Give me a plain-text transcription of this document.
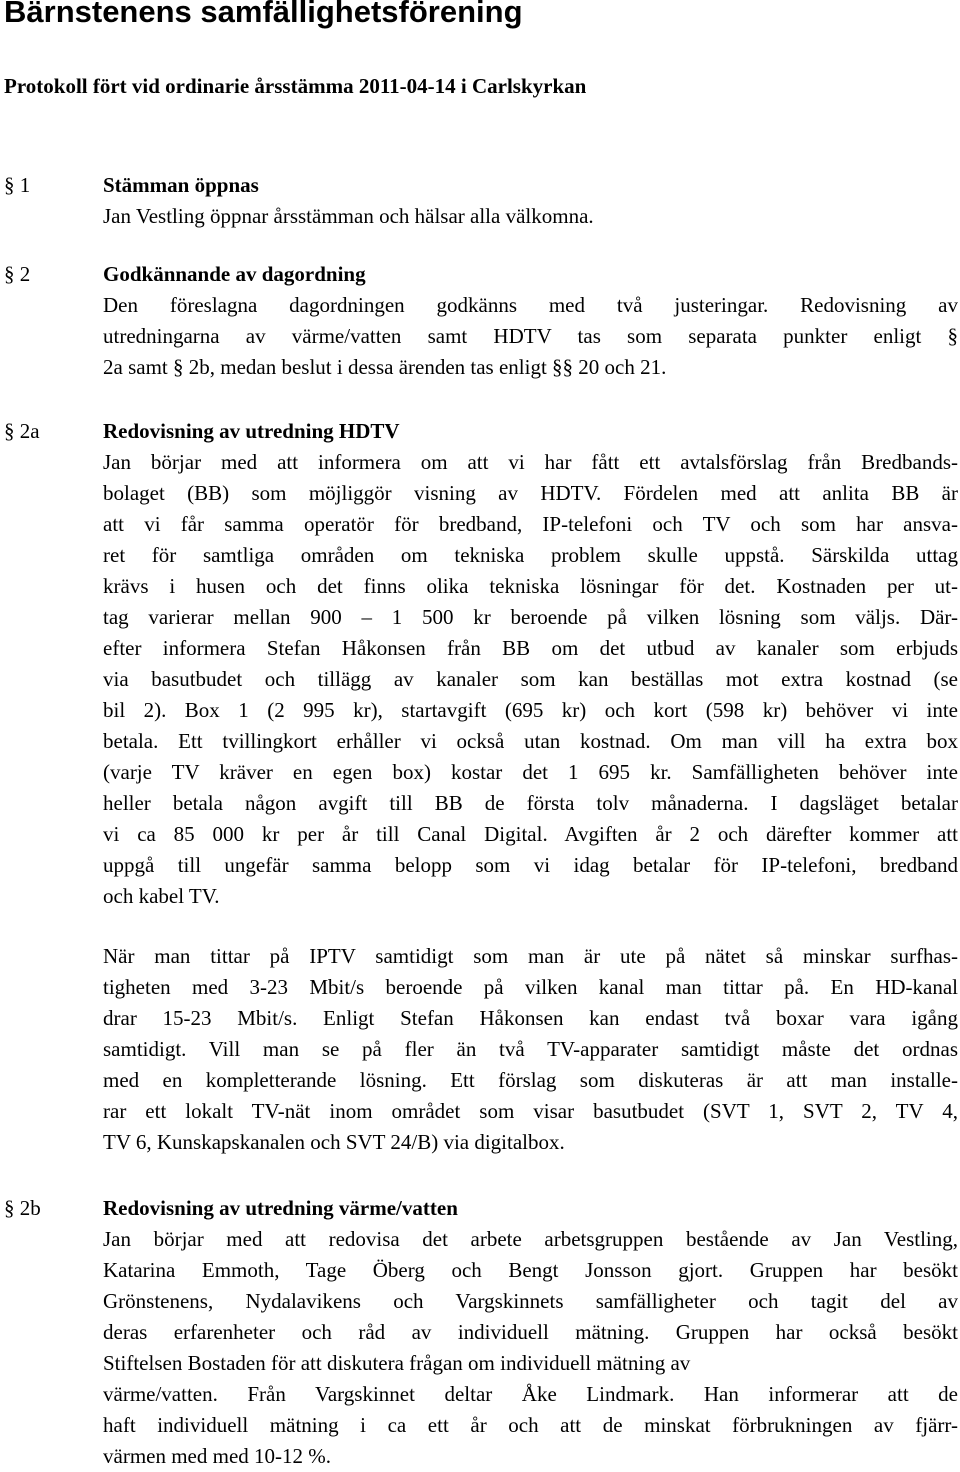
Bärnstenens samfällighetsförening
Protokoll fört vid ordinarie årsstämma 2011-04-14 i Carlskyrkan
§ 1	Stämman öppnas
Jan Vestling öppnar årsstämman och hälsar alla välkomna.
§ 2	Godkännande av dagordning
Den föreslagna dagordningen godkänns med två justeringar. Redovisning av
utredningarna av värme/vatten samt HDTV tas som separata punkter enligt §
2a samt § 2b, medan beslut i dessa ärenden tas enligt §§ 20 och 21.
§ 2a	Redovisning av utredning HDTV
Jan börjar med att informera om att vi har fått ett avtalsförslag från Bredbands-
bolaget (BB) som möjliggör visning av HDTV. Fördelen med att anlita BB är
att vi får samma operatör för bredband, IP-telefoni och TV och som har ansva-
ret för samtliga områden om tekniska problem skulle uppstå. Särskilda uttag
krävs i husen och det finns olika tekniska lösningar för det. Kostnaden per ut-
tag varierar mellan 900 – 1 500 kr beroende på vilken lösning som väljs. Där-
efter informera Stefan Håkonsen från BB om det utbud av kanaler som erbjuds
via basutbudet och tillägg av kanaler som kan beställas mot extra kostnad (se
bil 2). Box 1 (2 995 kr), startavgift (695 kr) och kort (598 kr) behöver vi inte
betala. Ett tvillingkort erhåller vi också utan kostnad. Om man vill ha extra box
(varje TV kräver en egen box) kostar det 1 695 kr. Samfälligheten behöver inte
heller betala någon avgift till BB de första tolv månaderna. I dagsläget betalar
vi ca 85 000 kr per år till Canal Digital. Avgiften år 2 och därefter kommer att
uppgå till ungefär samma belopp som vi idag betalar för IP-telefoni, bredband
och kabel TV.
När man tittar på IPTV samtidigt som man är ute på nätet så minskar surfhas-
tigheten med 3-23 Mbit/s beroende på vilken kanal man tittar på. En HD-kanal
drar 15-23 Mbit/s. Enligt Stefan Håkonsen kan endast två boxar vara igång
samtidigt. Vill man se på fler än två TV-apparater samtidigt måste det ordnas
med en kompletterande lösning. Ett förslag som diskuteras är att man installe-
rar ett lokalt TV-nät inom området som visar basutbudet (SVT 1, SVT 2, TV 4,
TV 6, Kunskapskanalen och SVT 24/B) via digitalbox.
§ 2b	Redovisning av utredning värme/vatten
Jan börjar med att redovisa det arbete arbetsgruppen bestående av Jan Vestling,
Katarina Emmoth, Tage Öberg och Bengt Jonsson gjort. Gruppen har besökt
Grönstenens, Nydalavikens och Vargskinnets samfälligheter och tagit del av
deras erfarenheter och råd av individuell mätning. Gruppen har också besökt
Stiftelsen Bostaden för att diskutera frågan om individuell mätning av
värme/vatten. Från Vargskinnet deltar Åke Lindmark. Han informerar att de
haft individuell mätning i ca ett år och att de minskat förbrukningen av fjärr-
värmen med med 10-12 %.
